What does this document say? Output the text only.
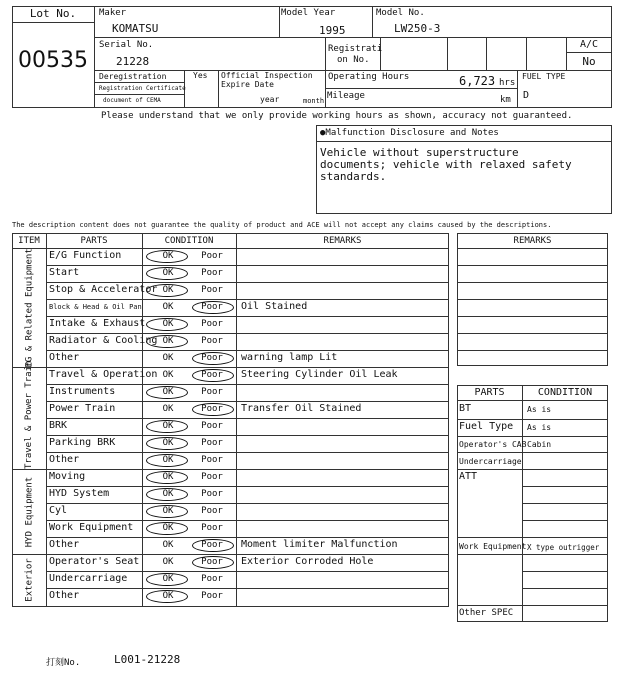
Lot No.
00535
Maker
KOMATSU
Model Year
1995
Model No.
LW250-3
Serial No.
21228
Registrati
on No.
A/C
No
Deregistration	Yes
Registration Certificate
document of CEMA
Official Inspection
Expire Date
year	month
Operating Hours	6,723 hrs
Mileage	km
FUEL TYPE
D
Please understand that we only provide working hours as shown, accuracy not guaranteed.
●Malfunction Disclosure and Notes
Vehicle without superstructure
documents; vehicle with relaxed safety
standards.
The description content does not guarantee the quality of product and ACE will not accept any claims caused by the descriptions.
ITEM	PARTS	CONDITION	REMARKS
EG & Related Equipment
Travel & Power Train
HYD Equipment
Exterior
E/G Function	OK	Poor
Start	OK	Poor
Stop & Accelerator OK	Poor
Block & Head & Oil Pan	OK	Poor	Oil Stained
Intake & Exhaust	OK	Poor
Radiator & Cooling OK	Poor
Other	OK	Poor	warning lamp Lit
Travel & Operation OK	Poor	Steering Cylinder Oil Leak
Instruments	OK	Poor
Power Train	OK	Poor	Transfer Oil Stained
BRK	OK	Poor
Parking BRK	OK	Poor
Other	OK	Poor
Moving	OK	Poor
HYD System	OK	Poor
Cyl	OK	Poor
Work Equipment	OK	Poor
Other	OK	Poor	Moment limiter Malfunction
Operator's Seat	OK	Poor	Exterior Corroded Hole
Undercarriage	OK	Poor
Other	OK	Poor
REMARKS
PARTS	CONDITION
BT	As is
Fuel Type As is
Operator's CAB Cabin
Undercarriage
ATT
Work Equipment X type outrigger
Other SPEC
打刻No.	L001-21228
